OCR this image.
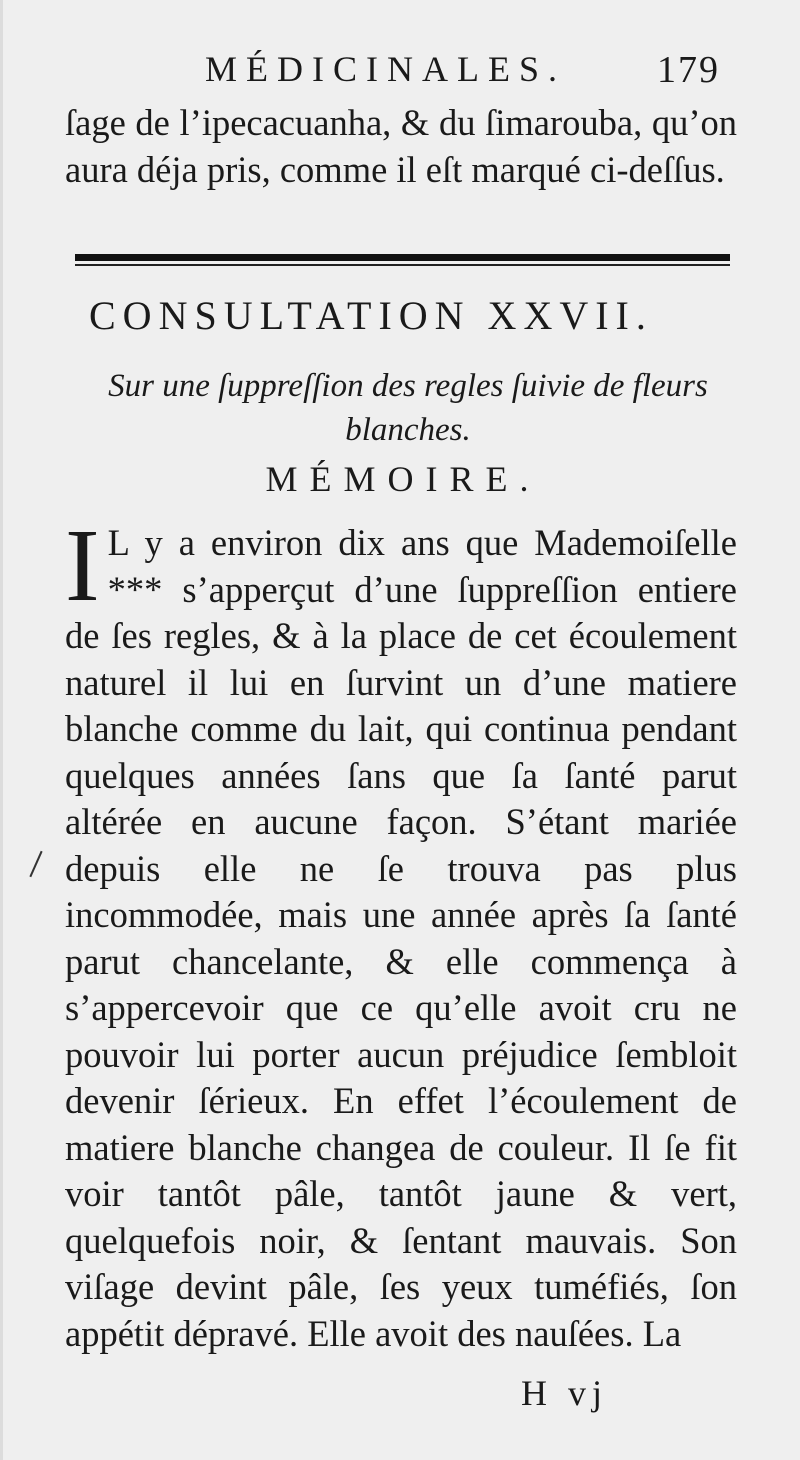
MÉDICINALES. 179
ſage de l’ipecacuanha, & du ſimarouba, qu’on aura déja pris, comme il eſt marqué ci-deſſus.
CONSULTATION XXVII.
Sur une ſuppreſſion des regles ſuivie de fleurs blanches.
MÉMOIRE.
I L y a environ dix ans que Mademoiſelle *** s’apperçut d’une ſuppreſſion entiere de ſes regles, & à la place de cet écoulement naturel il lui en ſurvint un d’une matiere blanche comme du lait, qui continua pendant quelques années ſans que ſa ſanté parut altérée en aucune façon. S’étant mariée depuis elle ne ſe trouva pas plus incommodée, mais une année après ſa ſanté parut chancelante, & elle commença à s’appercevoir que ce qu’elle avoit cru ne pouvoir lui porter aucun préjudice ſembloit devenir ſérieux. En effet l’écoulement de matiere blanche changea de couleur. Il ſe fit voir tantôt pâle, tantôt jaune & vert, quelquefois noir, & ſentant mauvais. Son viſage devint pâle, ſes yeux tuméfiés, ſon appétit dépravé. Elle avoit des nauſées. La
H vj
